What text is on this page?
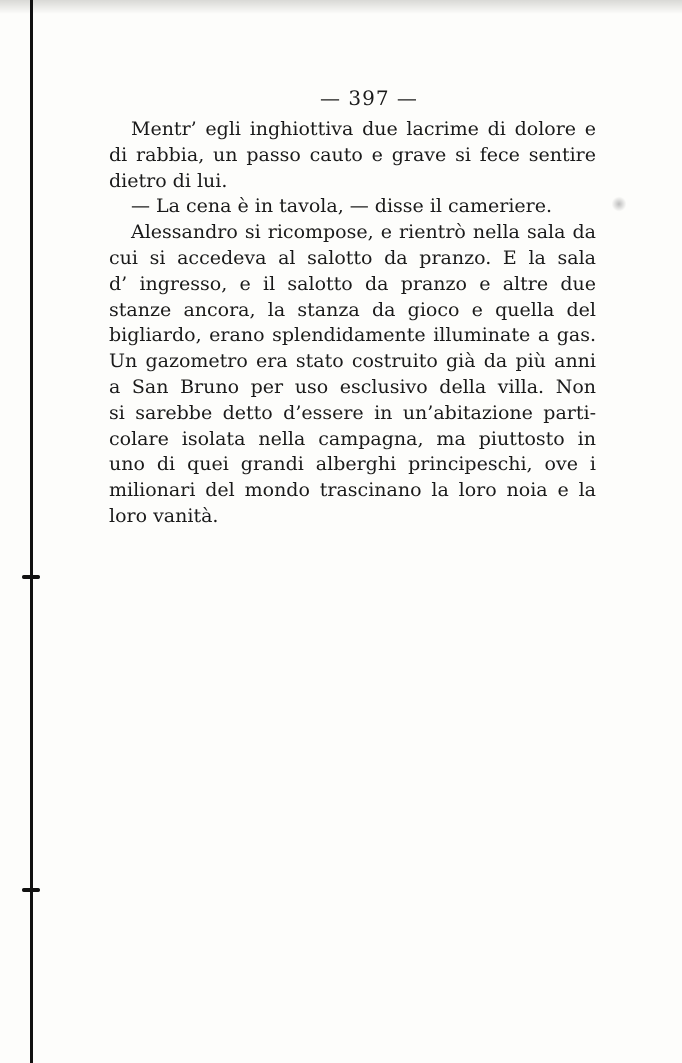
— 397 —
Mentr’ egli inghiottiva due lacrime di dolore e
di rabbia, un passo cauto e grave si fece sentire
dietro di lui.
— La cena è in tavola, — disse il cameriere.
Alessandro si ricompose, e rientrò nella sala da
cui si accedeva al salotto da pranzo. E la sala
d’ ingresso, e il salotto da pranzo e altre due
stanze ancora, la stanza da gioco e quella del
bigliardo, erano splendidamente illuminate a gas.
Un gazometro era stato costruito già da più anni
a San Bruno per uso esclusivo della villa. Non
si sarebbe detto d’essere in un’abitazione parti-
colare isolata nella campagna, ma piuttosto in
uno di quei grandi alberghi principeschi, ove i
milionari del mondo trascinano la loro noia e la
loro vanità.
